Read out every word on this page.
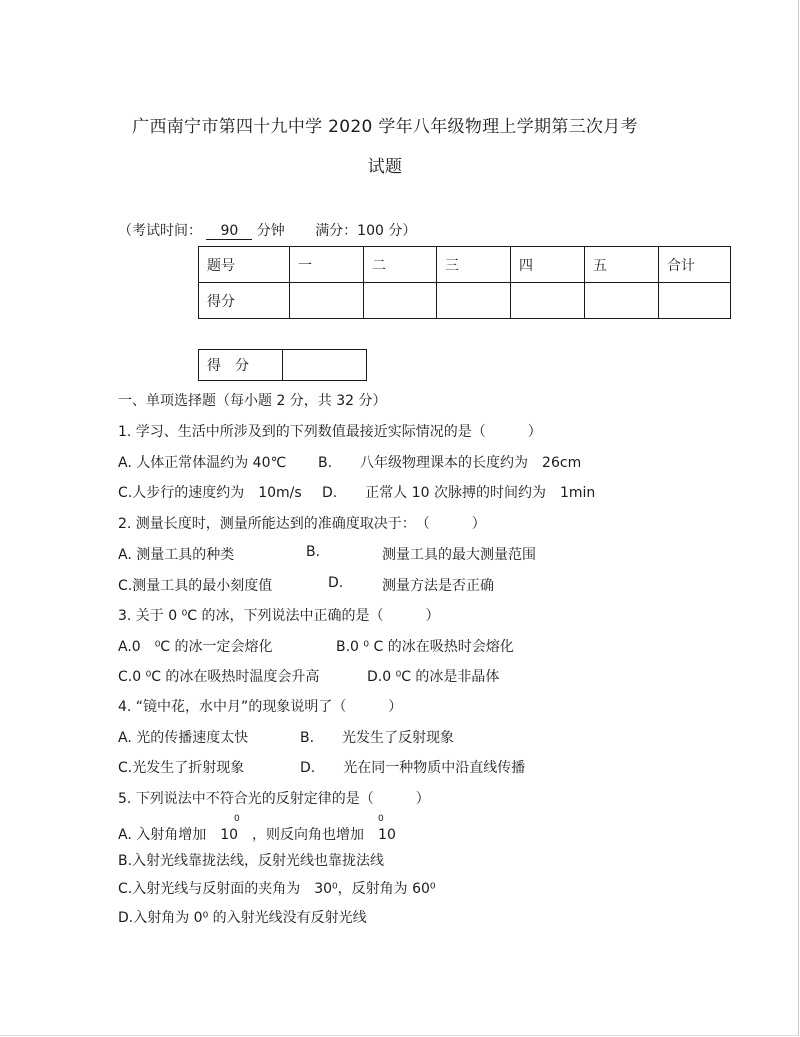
广西南宁市第四十九中学 2020 学年八年级物理上学期第三次月考
试题
（考试时间： 90 分钟 满分：100 分）
题号	一	二	三	四	五	合计
得分						
得　分	
一、单项选择题（每小题 2 分，共 32 分）
1. 学习、生活中所涉及到的下列数值最接近实际情况的是（　　　）
A. 人体正常体温约为 40℃ B.　　八年级物理课本的长度约为　26cm
C.人步行的速度约为　10m/s D.　　正常人 10 次脉搏的时间约为　1min
2. 测量长度时，测量所能达到的准确度取决于：　（　　　）
A. 测量工具的种类	B.	测量工具的最大测量范围
C.测量工具的最小刻度值	D.	测量方法是否正确
3. 关于 0 ⁰C 的冰，下列说法中正确的是（　　　）
A.0　⁰C 的冰一定会熔化	B.0 ⁰ C 的冰在吸热时会熔化
C.0 ⁰C 的冰在吸热时温度会升高	D.0 ⁰C 的冰是非晶体
4. “镜中花，水中月”的现象说明了（　　　）
A. 光的传播速度太快	B.　　光发生了反射现象
C.光发生了折射现象	D.　　光在同一种物质中沿直线传播
5. 下列说法中不符合光的反射定律的是（　　　）
0	0
A. 入射角增加　10　，则反向角也增加　10
B.入射光线靠拢法线，反射光线也靠拢法线
C.入射光线与反射面的夹角为　30⁰，反射角为 60⁰
D.入射角为 0⁰ 的入射光线没有反射光线
